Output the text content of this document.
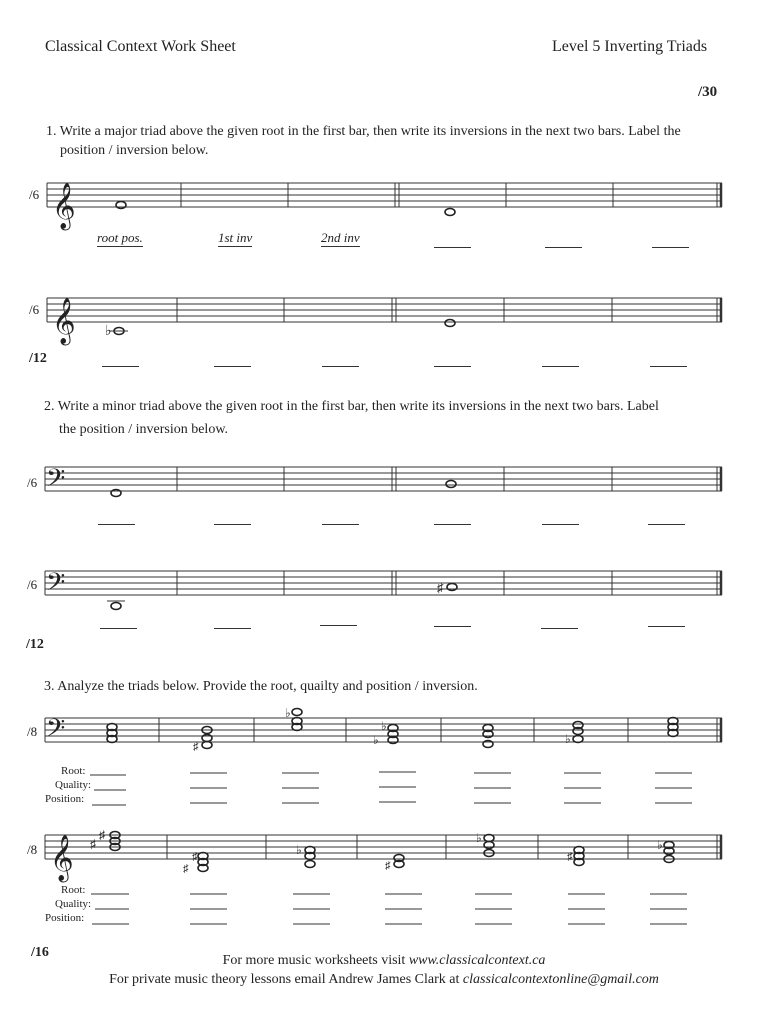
Classical Context Work Sheet	Level 5 Inverting Triads
/30
1. Write a major triad above the given root in the first bar, then write its inversions in the next two bars. Label the position / inversion below.
/6 𝄞
root pos.	1st inv	2nd inv
/6 𝄞 ♭
/12
2. Write a minor triad above the given root in the first bar, then write its inversions in the next two bars. Label
the position / inversion below.
/6 𝄢
/6 𝄢	♯
/12
3. Analyze the triads below. Provide the root, quailty and position / inversion.
/8 𝄢	♯
♭
♭
♭	♭
Root:
Quality:
Position:
/8 𝄞 ♯
♯
♯
♯
♭
♯
♭
♯
♭
Root:
Quality:
Position:
/16
For more music worksheets visit www.classicalcontext.ca
For private music theory lessons email Andrew James Clark at classicalcontextonline@gmail.com
